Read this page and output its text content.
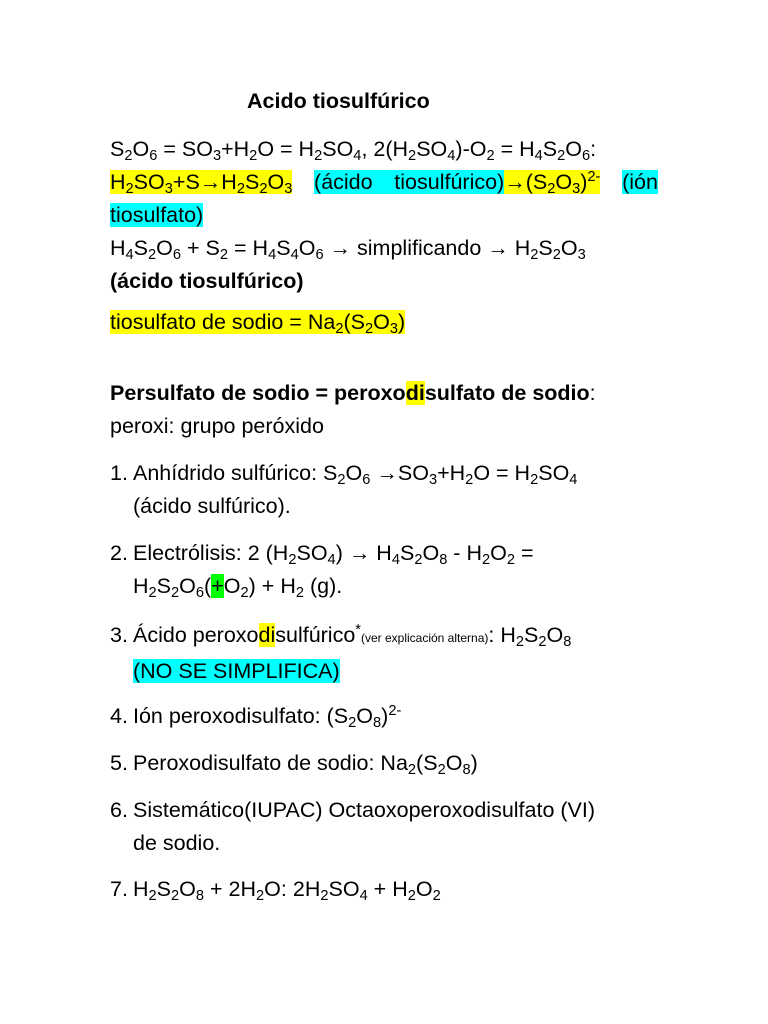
Acido tiosulfúrico
$S_2O_6 = SO_3+H_2O = H_2SO_4$, $2(H_2SO_4)-O_2 = H_4S_2O_6$:
$H_2SO_3+S\to H_2S_2O_3$ (ácido $tiosulfúrico)\to(S_2O_3)^{2-}$ (ión tiosulfato)
$H_4S_2O_6 + S_2 = H_4S_4O_6$ → simplificando → $H_2S_2O_3$
(ácido tiosulfúrico)
tiosulfato de sodio = $Na_2(S_2O_3)$
Persulfato de sodio = peroxodisulfato de sodio:
peroxi: grupo peróxido
1. Anhídrido sulfúrico: $S_2O_6 \to SO_3+H_2O = H_2SO_4$
(ácido sulfúrico).
2. Electrólisis: 2 $(H_2SO_4) \to H_4S_2O_8 - H_2O_2$ =
$H_2S_2O_6(+O_2) + H_2$ (g).
3. Ácido peroxodisulfúrico*(ver explicación alterna): $H_2S_2O_8$
(NO SE SIMPLIFICA)
4. Ión peroxodisulfato: $(S_2O_8)^{2-}$
5. Peroxodisulfato de sodio: $Na_2(S_2O_8)$
6. Sistemático(IUPAC) Octaoxoperoxodisulfato (VI)
de sodio.
7. $H_2S_2O_8 + 2H_2O$: $2H_2SO_4 + H_2O_2$
